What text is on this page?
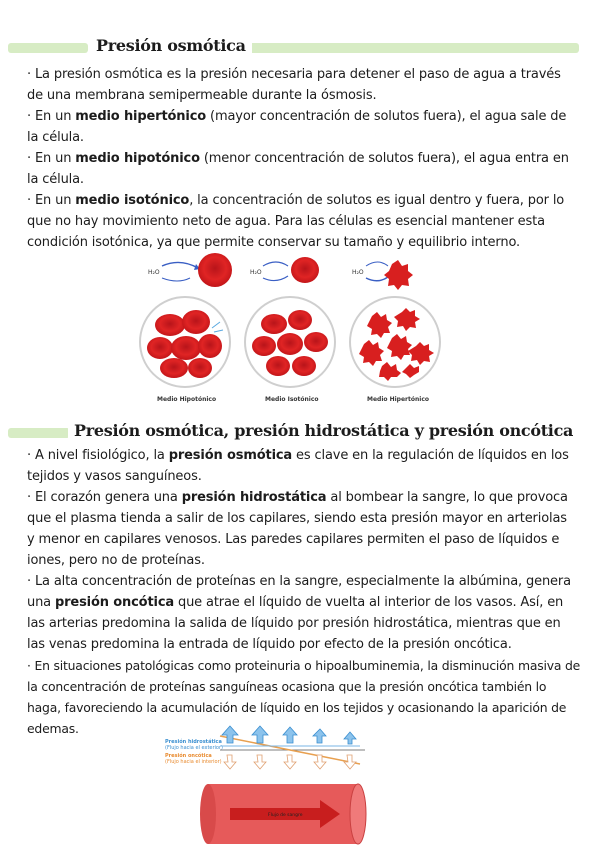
Presión osmótica
· La presión osmótica es la presión necesaria para detener el paso de agua a través de una membrana semipermeable durante la ósmosis.
· En un medio hipertónico (mayor concentración de solutos fuera), el agua sale de la célula.
· En un medio hipotónico (menor concentración de solutos fuera), el agua entra en la célula.
· En un medio isotónico, la concentración de solutos es igual dentro y fuera, por lo que no hay movimiento neto de agua. Para las células es esencial mantener esta condición isotónica, ya que permite conservar su tamaño y equilibrio interno.
H₂O	H₂O	H₂O
Medio Hipotónico	Medio Isotónico	Medio Hipertónico
Presión osmótica, presión hidrostática y presión oncótica
· A nivel fisiológico, la presión osmótica es clave en la regulación de líquidos en los tejidos y vasos sanguíneos.
· El corazón genera una presión hidrostática al bombear la sangre, lo que provoca que el plasma tienda a salir de los capilares, siendo esta presión mayor en arteriolas y menor en capilares venosos. Las paredes capilares permiten el paso de líquidos e iones, pero no de proteínas.
· La alta concentración de proteínas en la sangre, especialmente la albúmina, genera una presión oncótica que atrae el líquido de vuelta al interior de los vasos. Así, en las arterias predomina la salida de líquido por presión hidrostática, mientras que en las venas predomina la entrada de líquido por efecto de la presión oncótica.
· En situaciones patológicas como proteinuria o hipoalbuminemia, la disminución masiva de la concentración de proteínas sanguíneas ocasiona que la presión oncótica también lo haga, favoreciendo la acumulación de líquido en los tejidos y ocasionando la aparición de edemas.
Presión hidrostática
(Flujo hacia el exterior)
Presión oncótica
(Flujo hacia el interior)
Flujo de sangre
